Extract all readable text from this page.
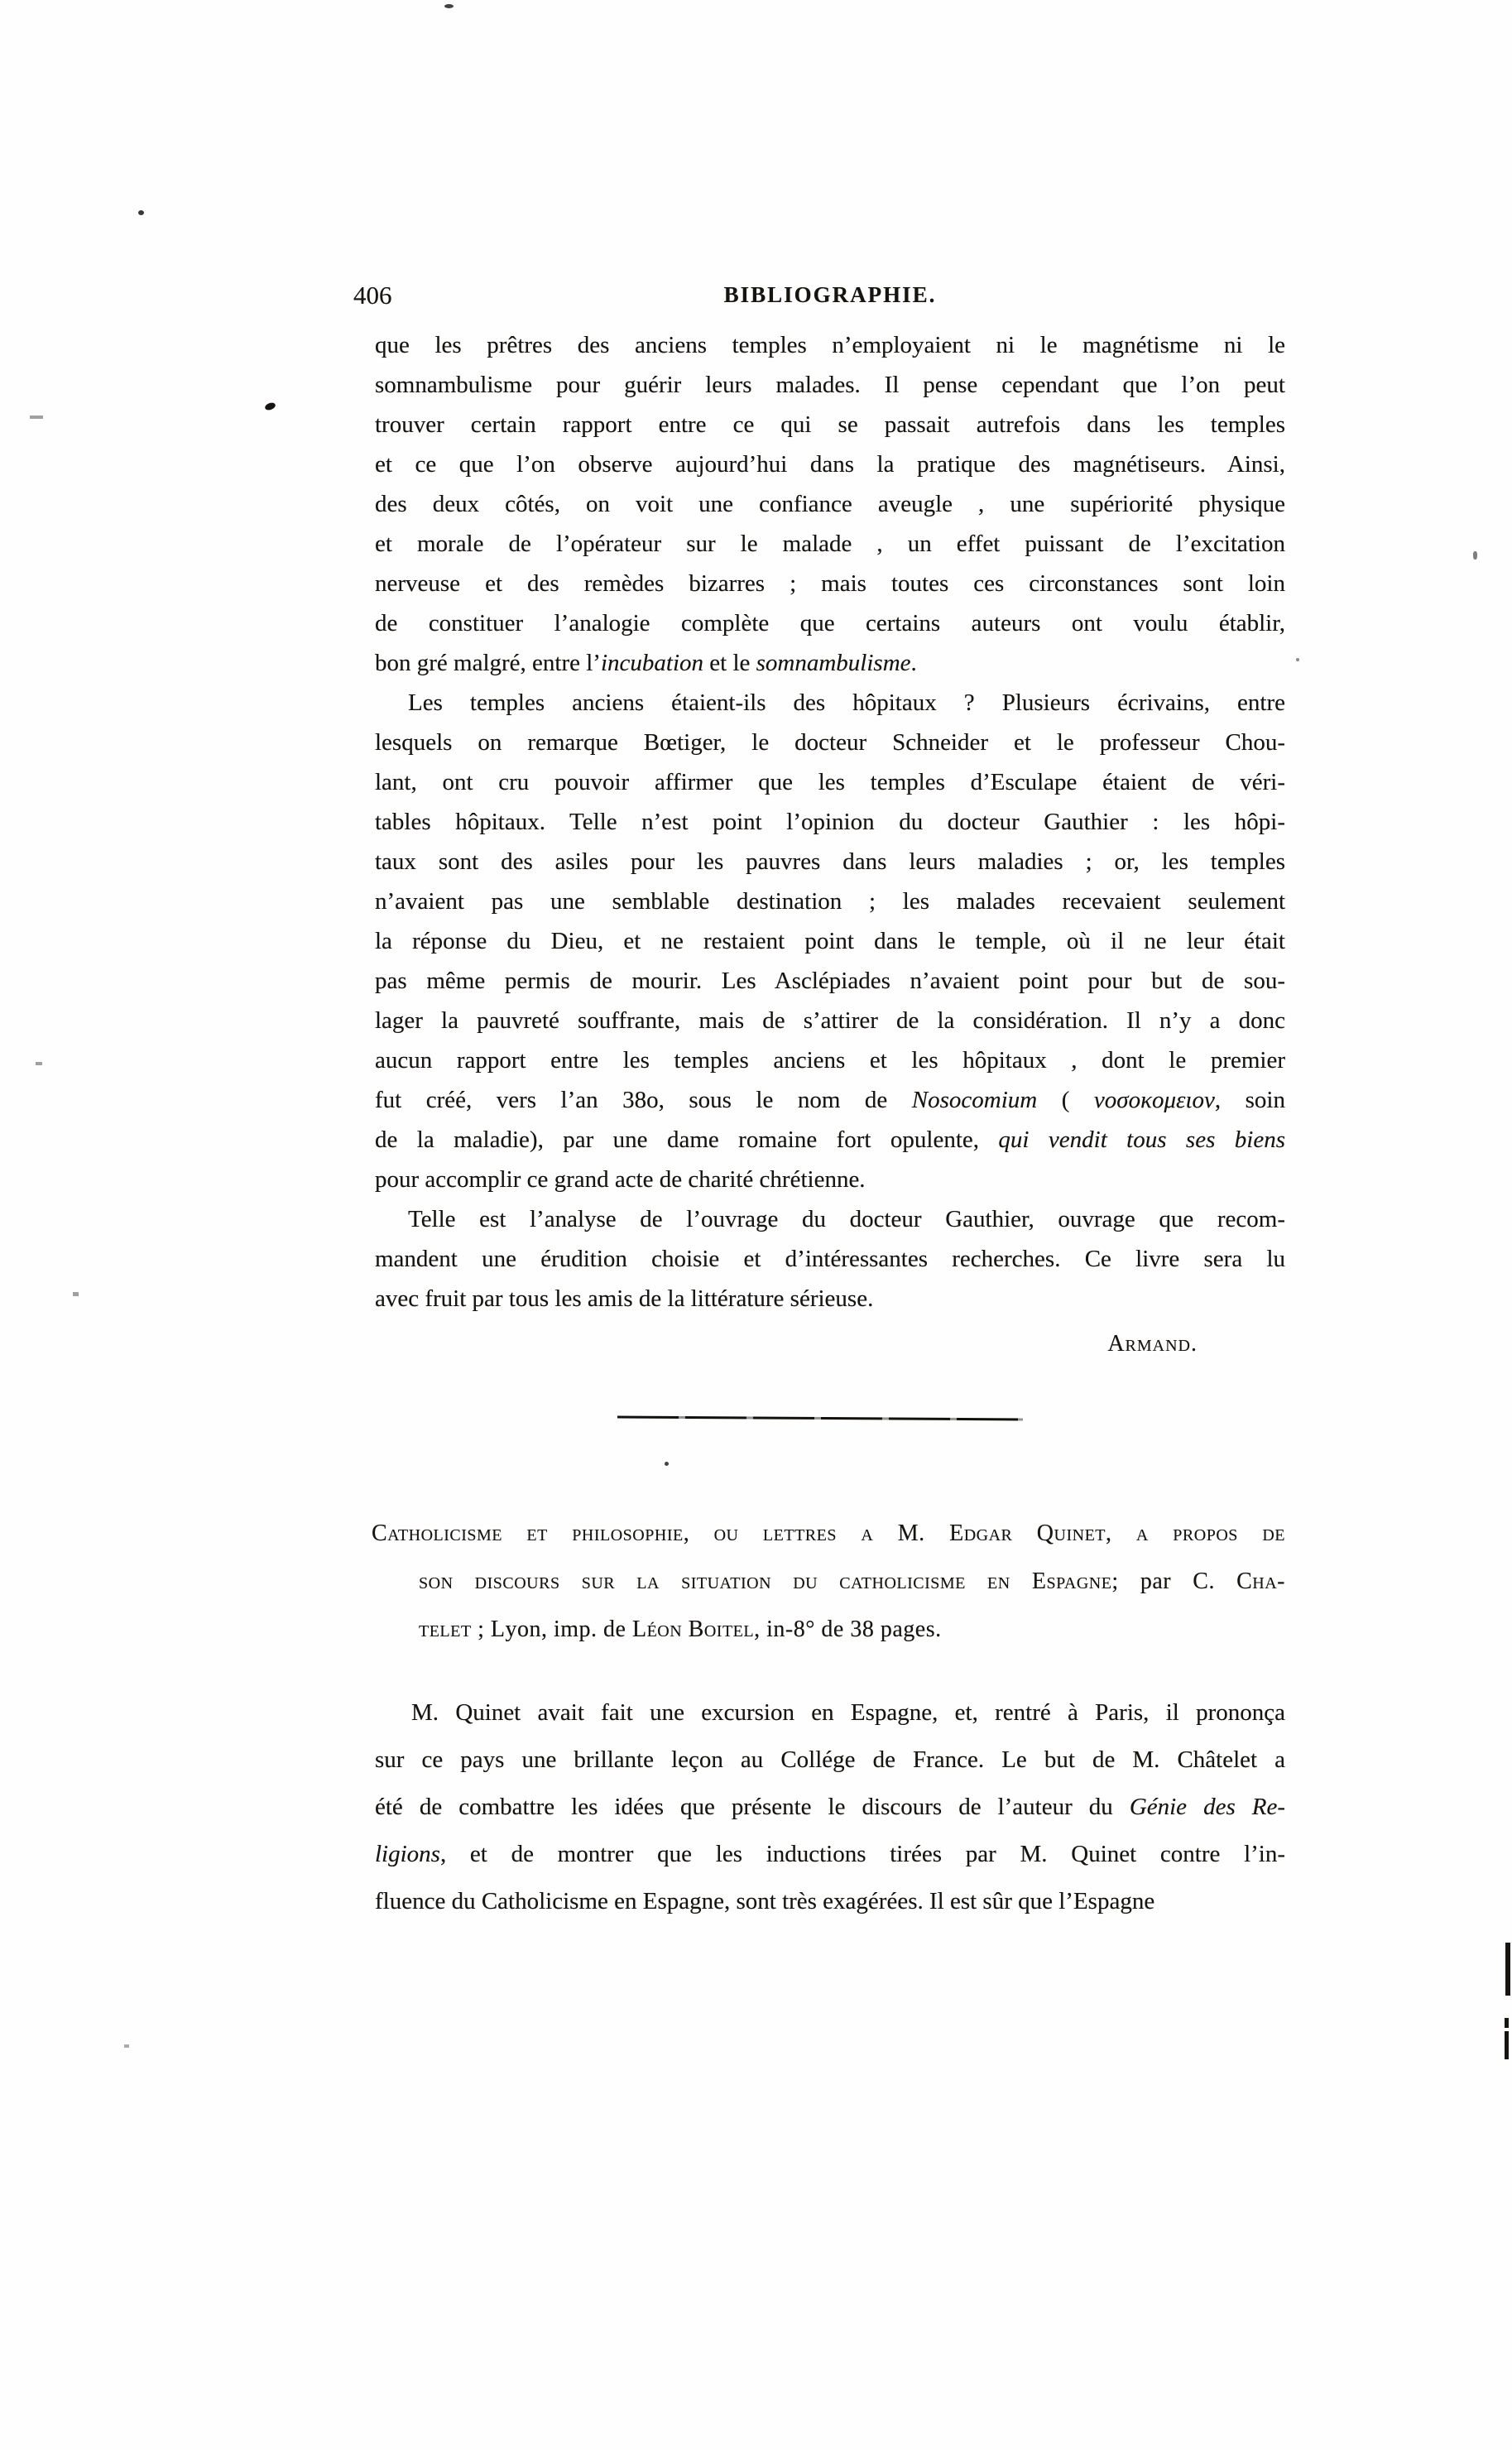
406	BIBLIOGRAPHIE.
que les prêtres des anciens temples n’employaient ni le magnétisme ni le
somnambulisme pour guérir leurs malades. Il pense cependant que l’on peut
trouver certain rapport entre ce qui se passait autrefois dans les temples
et ce que l’on observe aujourd’hui dans la pratique des magnétiseurs. Ainsi,
des deux côtés, on voit une confiance aveugle , une supériorité physique
et morale de l’opérateur sur le malade , un effet puissant de l’excitation
nerveuse et des remèdes bizarres ; mais toutes ces circonstances sont loin
de constituer l’analogie complète que certains auteurs ont voulu établir,
bon gré malgré, entre l’incubation et le somnambulisme.
Les temples anciens étaient-ils des hôpitaux ? Plusieurs écrivains, entre
lesquels on remarque Bœtiger, le docteur Schneider et le professeur Chou-
lant, ont cru pouvoir affirmer que les temples d’Esculape étaient de véri-
tables hôpitaux. Telle n’est point l’opinion du docteur Gauthier : les hôpi-
taux sont des asiles pour les pauvres dans leurs maladies ; or, les temples
n’avaient pas une semblable destination ; les malades recevaient seulement
la réponse du Dieu, et ne restaient point dans le temple, où il ne leur était
pas même permis de mourir. Les Asclépiades n’avaient point pour but de sou-
lager la pauvreté souffrante, mais de s’attirer de la considération. Il n’y a donc
aucun rapport entre les temples anciens et les hôpitaux , dont le premier
fut créé, vers l’an 38o, sous le nom de Nosocomium ( νοσοκομειον, soin
de la maladie), par une dame romaine fort opulente, qui vendit tous ses biens
pour accomplir ce grand acte de charité chrétienne.
Telle est l’analyse de l’ouvrage du docteur Gauthier, ouvrage que recom-
mandent une érudition choisie et d’intéressantes recherches. Ce livre sera lu
avec fruit par tous les amis de la littérature sérieuse.
Armand.
Catholicisme et philosophie, ou lettres a M. Edgar Quinet, a propos de
son discours sur la situation du catholicisme en Espagne; par C. Cha-
telet ; Lyon, imp. de Léon Boitel, in-8° de 38 pages.
M. Quinet avait fait une excursion en Espagne, et, rentré à Paris, il prononça
sur ce pays une brillante leçon au Collége de France. Le but de M. Châtelet a
été de combattre les idées que présente le discours de l’auteur du Génie des Re-
ligions, et de montrer que les inductions tirées par M. Quinet contre l’in-
fluence du Catholicisme en Espagne, sont très exagérées. Il est sûr que l’Espagne
